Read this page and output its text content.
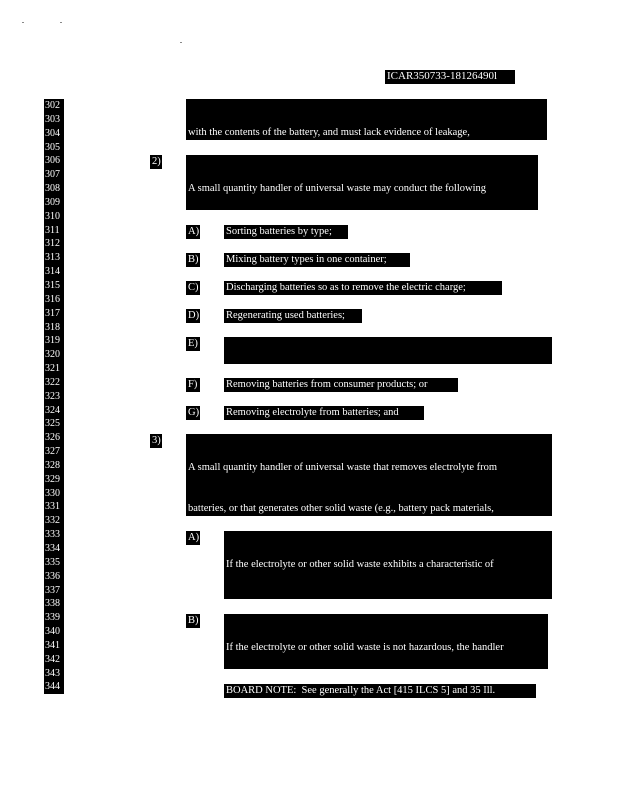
ICAR350733-18126490l
302
303
304
305
306
307
308
309
310
311
312
313
314
315
316
317
318
319
320
321
322
323
324
325
326
327
328
329
330
331
332
333
334
335
336
337
338
339
340
341
342
343
344

with the contents of the battery, and must lack evidence of leakage,

2)

A small quantity handler of universal waste may conduct the following

A)	Sorting batteries by type;
B)	Mixing battery types in one container;
C)	Discharging batteries so as to remove the electric charge;
D)	Regenerating used batteries;
E)

F)	Removing batteries from consumer products; or
G)	Removing electrolyte from batteries; and
3)

A small quantity handler of universal waste that removes electrolyte from

batteries, or that generates other solid waste (e.g., battery pack materials,

A)

If the electrolyte or other solid waste exhibits a characteristic of

B)

If the electrolyte or other solid waste is not hazardous, the handler

BOARD NOTE:  See generally the Act [415 ILCS 5] and 35 Ill.
